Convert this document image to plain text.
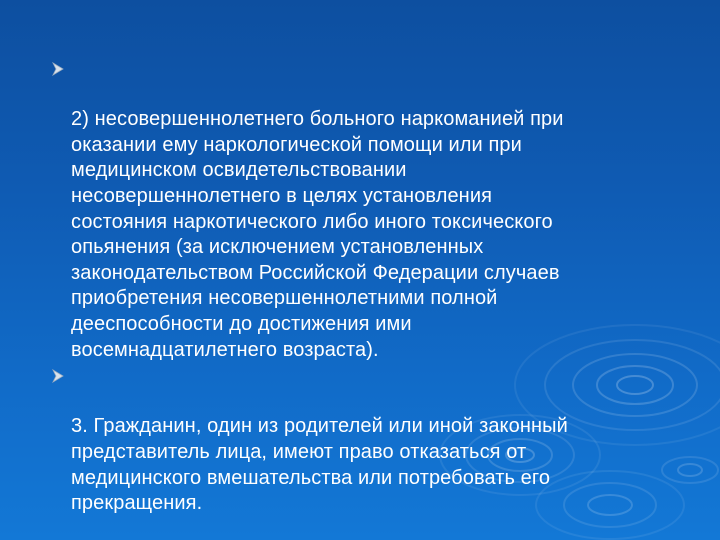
2) несовершеннолетнего больного наркоманией при
оказании ему наркологической помощи или при
медицинском освидетельствовании
несовершеннолетнего в целях установления
состояния наркотического либо иного токсического
опьянения (за исключением установленных
законодательством Российской Федерации случаев
приобретения несовершеннолетними полной
дееспособности до достижения ими
восемнадцатилетнего возраста).

3. Гражданин, один из родителей или иной законный
представитель лица, имеют право отказаться от
медицинского вмешательства или потребовать его
прекращения.
